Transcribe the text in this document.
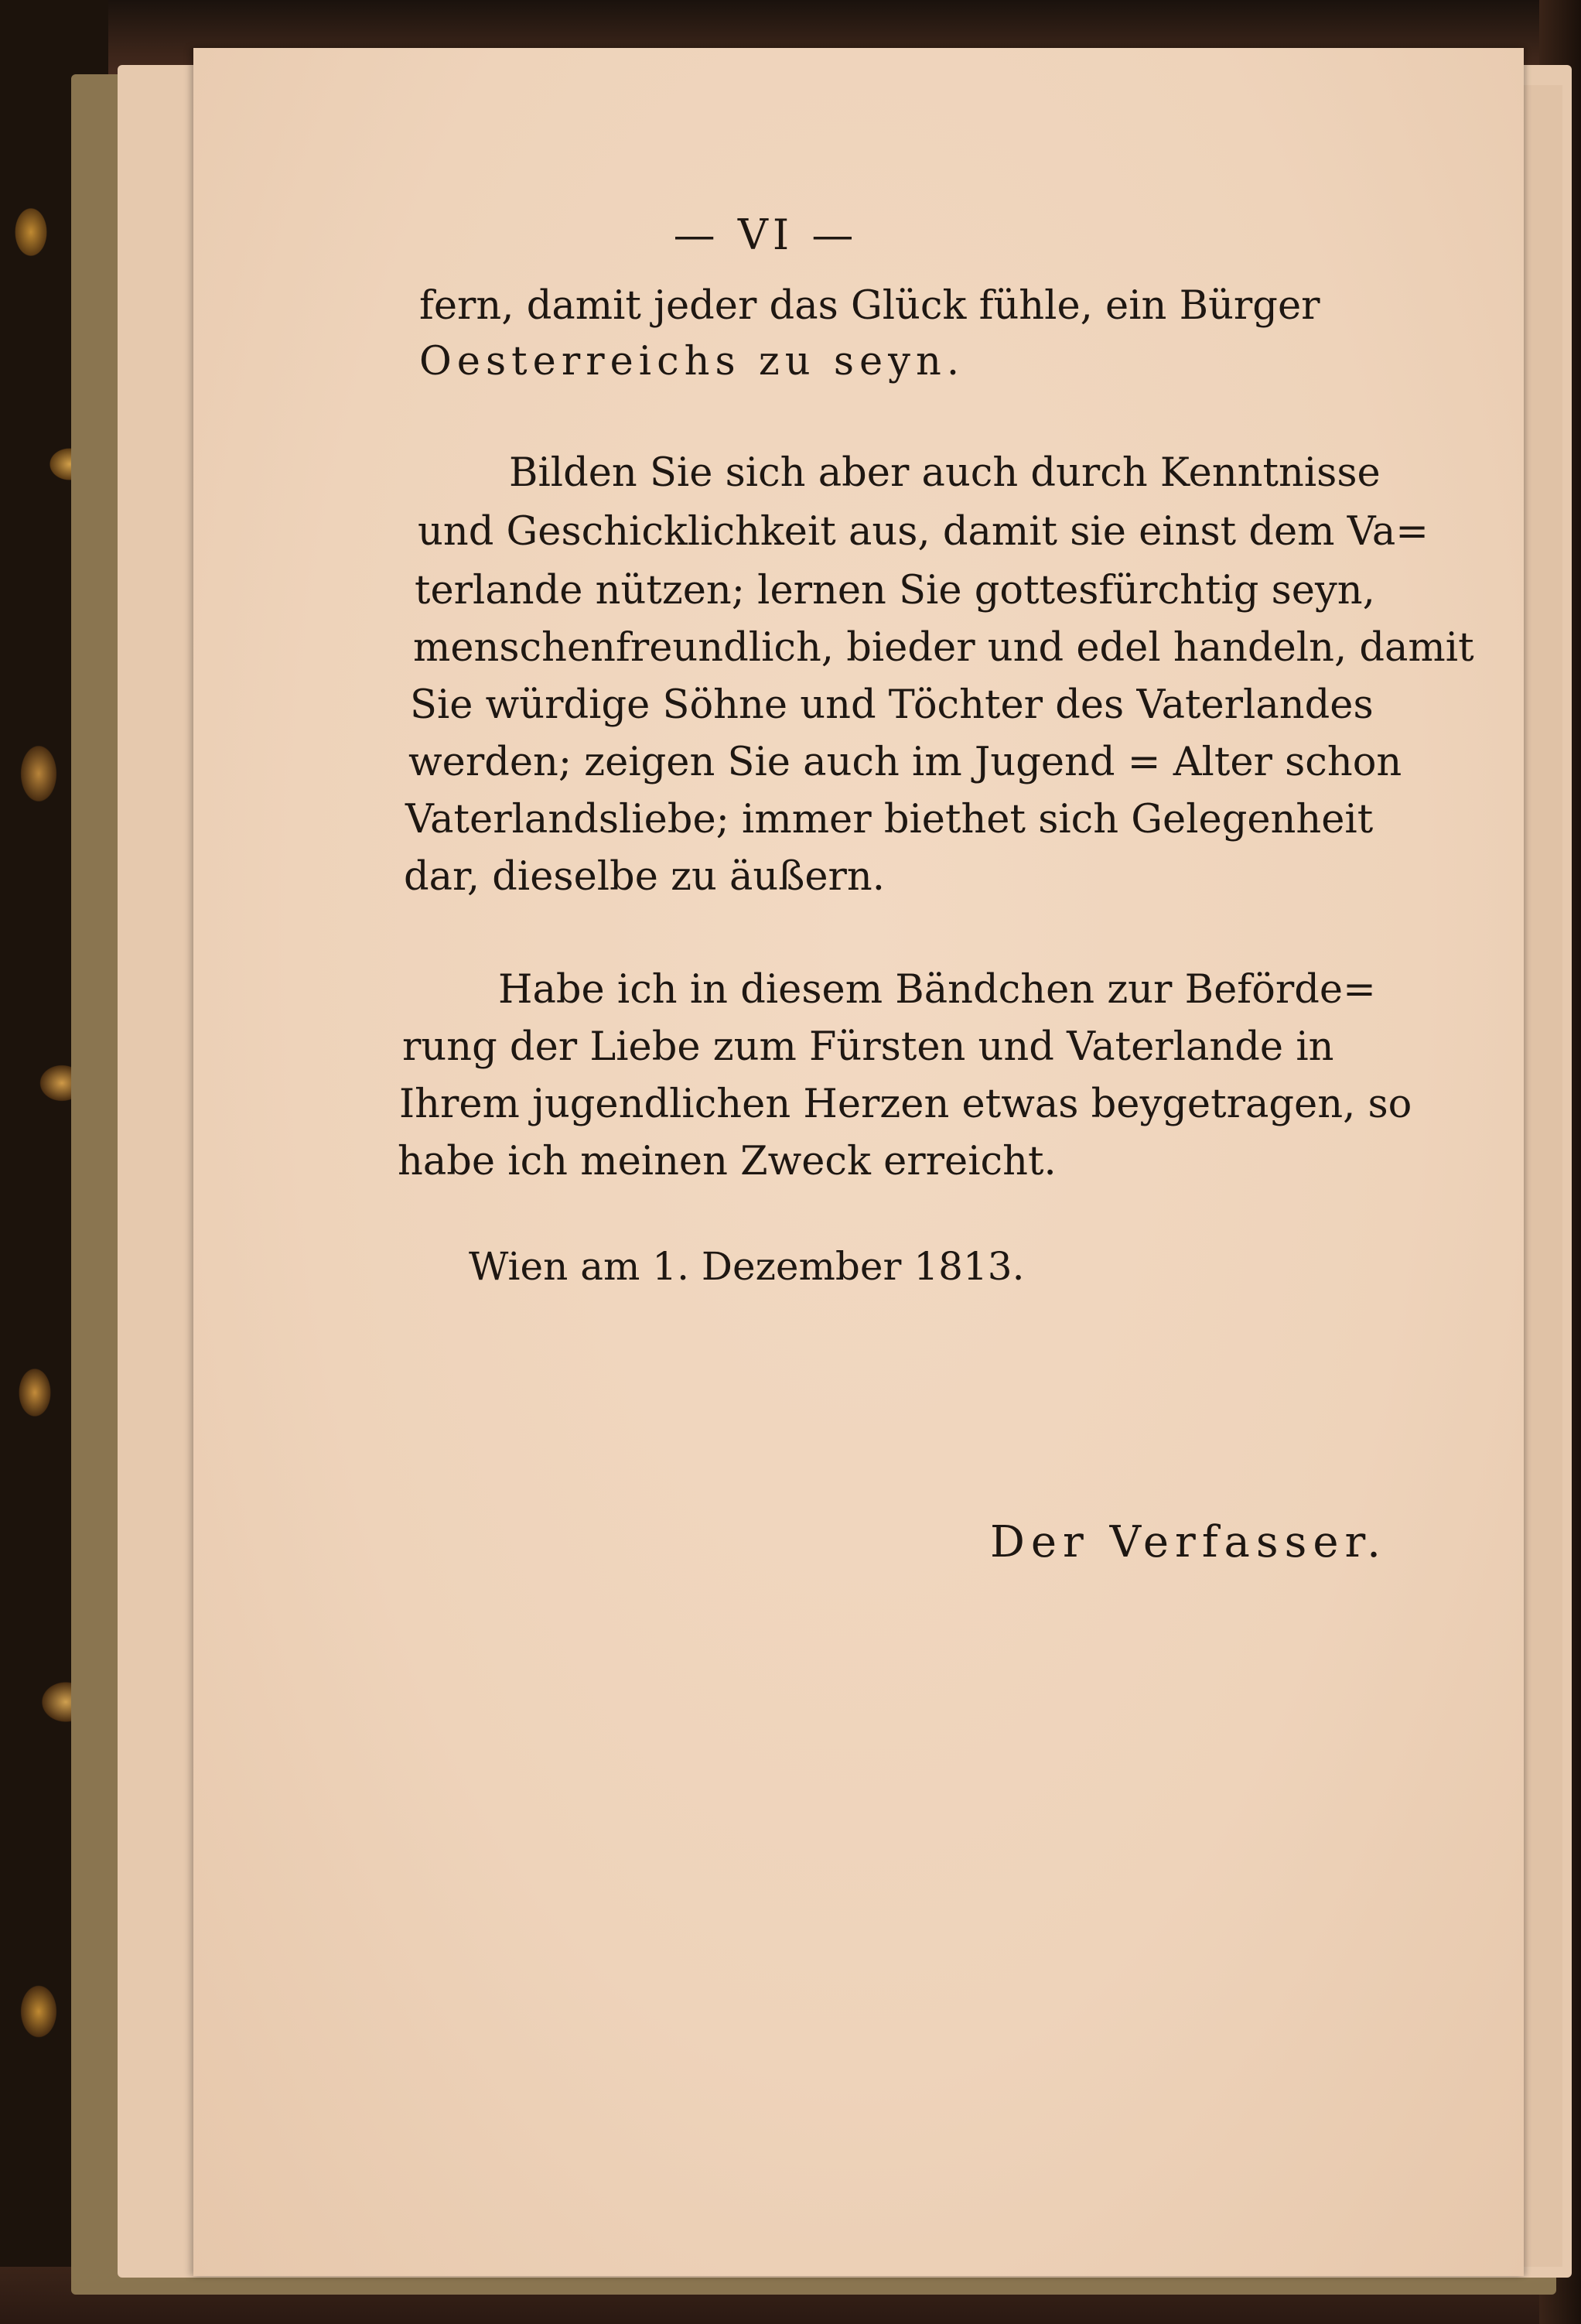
— VI —
fern, damit jeder das Glück fühle, ein Bürger
Oesterreichs zu seyn.
Bilden Sie sich aber auch durch Kenntnisse
und Geschicklichkeit aus, damit sie einst dem Va=
terlande nützen; lernen Sie gottesfürchtig seyn,
menschenfreundlich, bieder und edel handeln, damit
Sie würdige Söhne und Töchter des Vaterlandes
werden; zeigen Sie auch im Jugend = Alter schon
Vaterlandsliebe; immer biethet sich Gelegenheit
dar, dieselbe zu äußern.
Habe ich in diesem Bändchen zur Beförde=
rung der Liebe zum Fürsten und Vaterlande in
Ihrem jugendlichen Herzen etwas beygetragen, so
habe ich meinen Zweck erreicht.
Wien am 1. Dezember 1813.
Der Verfasser.
